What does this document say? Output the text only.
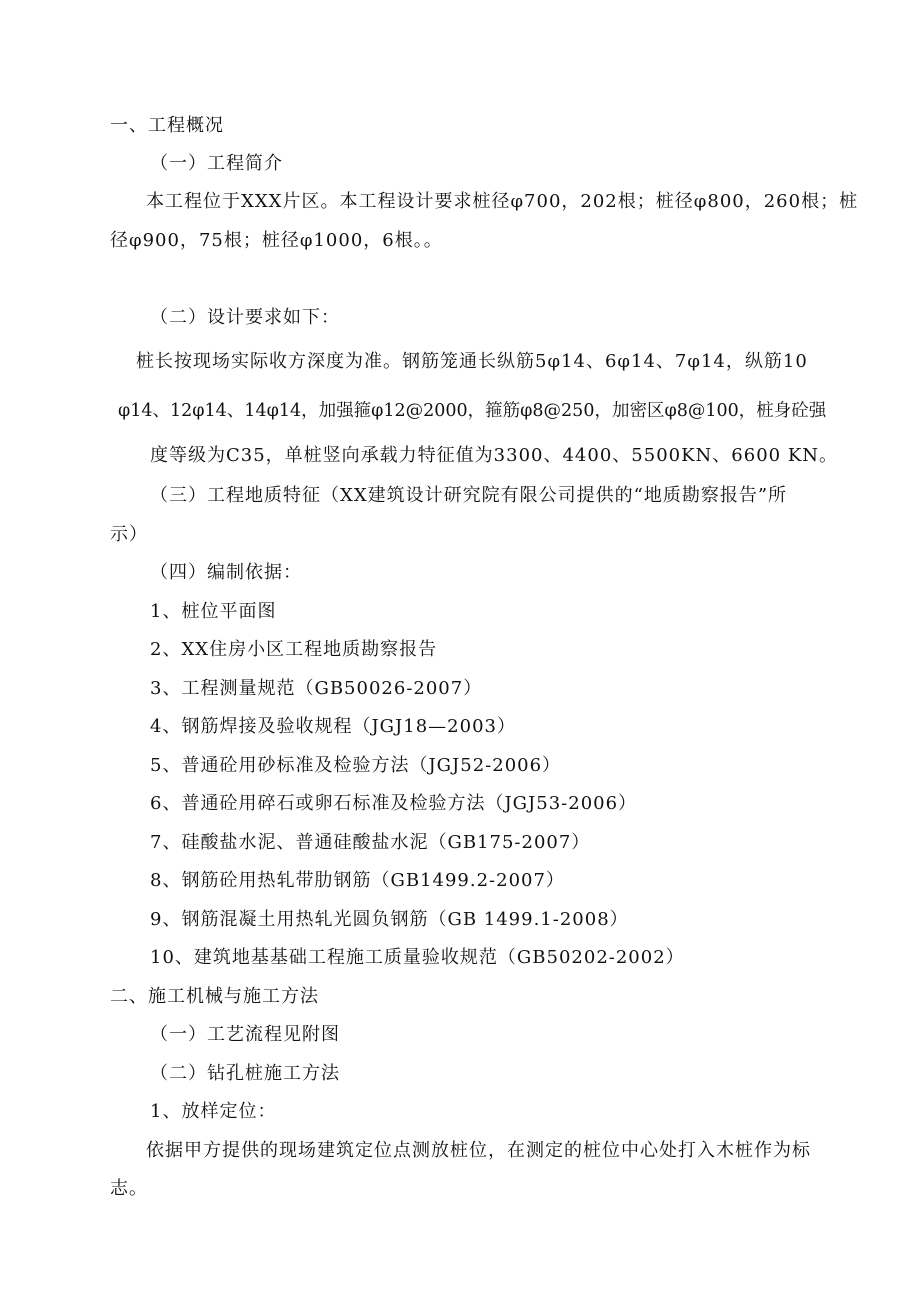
一、工程概况
（一）工程简介
本工程位于XXX片区。本工程设计要求桩径φ700，202根；桩径φ800，260根；桩
径φ900，75根；桩径φ1000，6根。。
（二）设计要求如下：
桩长按现场实际收方深度为准。钢筋笼通长纵筋5φ14、6φ14、7φ14，纵筋10
φ14、12φ14、14φ14，加强箍φ12@2000，箍筋φ8@250，加密区φ8@100，桩身砼强
度等级为C35，单桩竖向承载力特征值为3300、4400、5500KN、6600 KN。
（三）工程地质特征（XX建筑设计研究院有限公司提供的“地质勘察报告”所
示）
（四）编制依据：
1、桩位平面图
2、XX住房小区工程地质勘察报告
3、工程测量规范（GB50026-2007）
4、钢筋焊接及验收规程（JGJ18—2003）
5、普通砼用砂标准及检验方法（JGJ52-2006）
6、普通砼用碎石或卵石标准及检验方法（JGJ53-2006）
7、硅酸盐水泥、普通硅酸盐水泥（GB175-2007）
8、钢筋砼用热轧带肋钢筋（GB1499.2-2007）
9、钢筋混凝土用热轧光圆负钢筋（GB 1499.1-2008）
10、建筑地基基础工程施工质量验收规范（GB50202-2002）
二、施工机械与施工方法
（一）工艺流程见附图
（二）钻孔桩施工方法
1、放样定位：
依据甲方提供的现场建筑定位点测放桩位，在测定的桩位中心处打入木桩作为标
志。
